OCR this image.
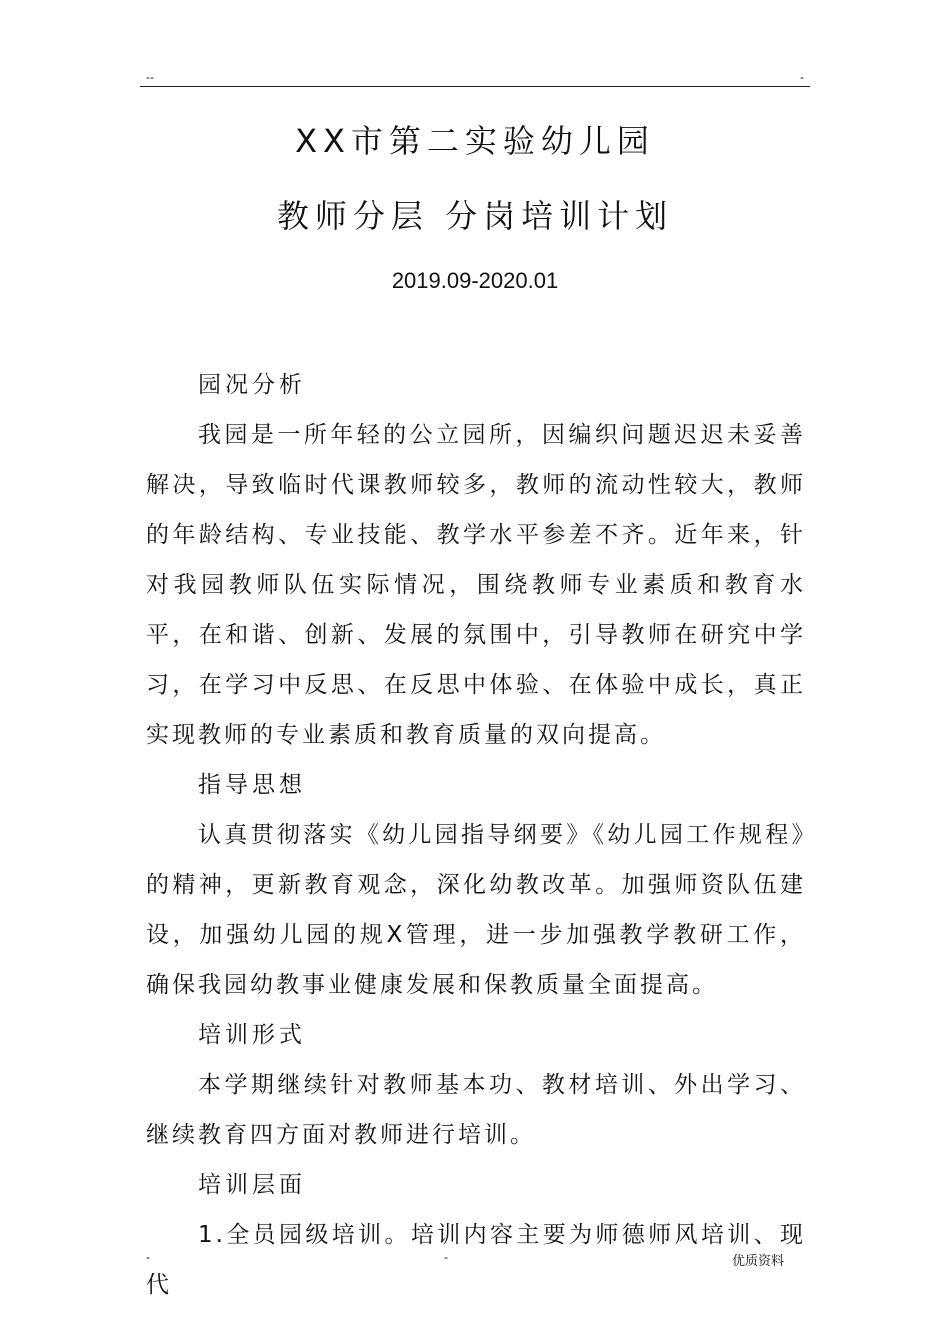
--	-
XX市第二实验幼儿园
教师分层 分岗培训计划
2019.09-2020.01
园况分析

我园是一所年轻的公立园所，因编织问题迟迟未妥善解决，导致临时代课教师较多，教师的流动性较大，教师的年龄结构、专业技能、教学水平参差不齐。近年来，针对我园教师队伍实际情况，围绕教师专业素质和教育水平，在和谐、创新、发展的氛围中，引导教师在研究中学习，在学习中反思、在反思中体验、在体验中成长，真正实现教师的专业素质和教育质量的双向提高。

指导思想

认真贯彻落实《幼儿园指导纲要》《幼儿园工作规程》的精神，更新教育观念，深化幼教改革。加强师资队伍建设，加强幼儿园的规X管理，进一步加强教学教研工作，确保我园幼教事业健康发展和保教质量全面提高。

培训形式

本学期继续针对教师基本功、教材培训、外出学习、继续教育四方面对教师进行培训。

培训层面

1.全员园级培训。培训内容主要为师德师风培训、现代

-	-	优质资料
